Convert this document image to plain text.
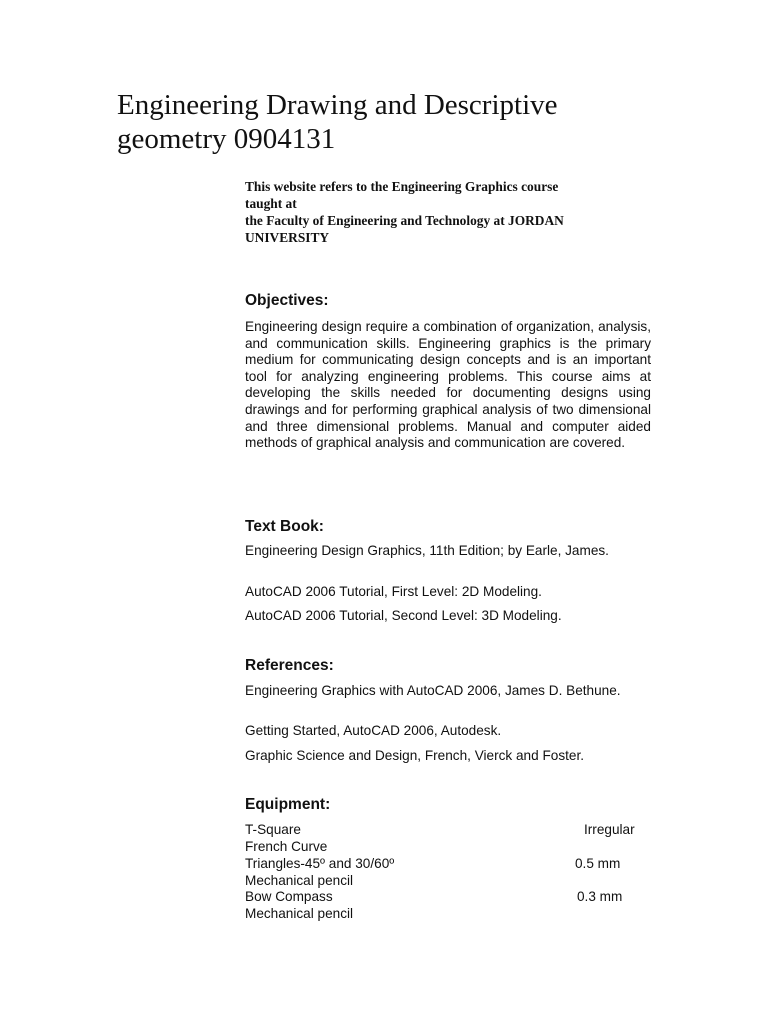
Engineering Drawing and Descriptive
geometry 0904131
This website refers to the Engineering Graphics course
taught at
the Faculty of Engineering and Technology at JORDAN
UNIVERSITY
Objectives:

Engineering design require a combination of organization, analysis, and communication skills. Engineering graphics is the primary medium for communicating design concepts and is an important tool for analyzing engineering problems. This course aims at developing the skills needed for documenting designs using drawings and for performing graphical analysis of two dimensional and three dimensional problems. Manual and computer aided methods of graphical analysis and communication are covered.

Text Book:

Engineering Design Graphics, 11th Edition; by Earle, James.

AutoCAD 2006 Tutorial, First Level: 2D Modeling.
AutoCAD 2006 Tutorial, Second Level: 3D Modeling.
References:

Engineering Graphics with AutoCAD 2006, James D. Bethune.

Getting Started, AutoCAD 2006, Autodesk.
Graphic Science and Design, French, Vierck and Foster.
Equipment:
T-Square
French Curve
Triangles-45º and 30/60º
Mechanical pencil
Bow Compass
Mechanical pencil
Irregular
0.5 mm
0.3 mm
